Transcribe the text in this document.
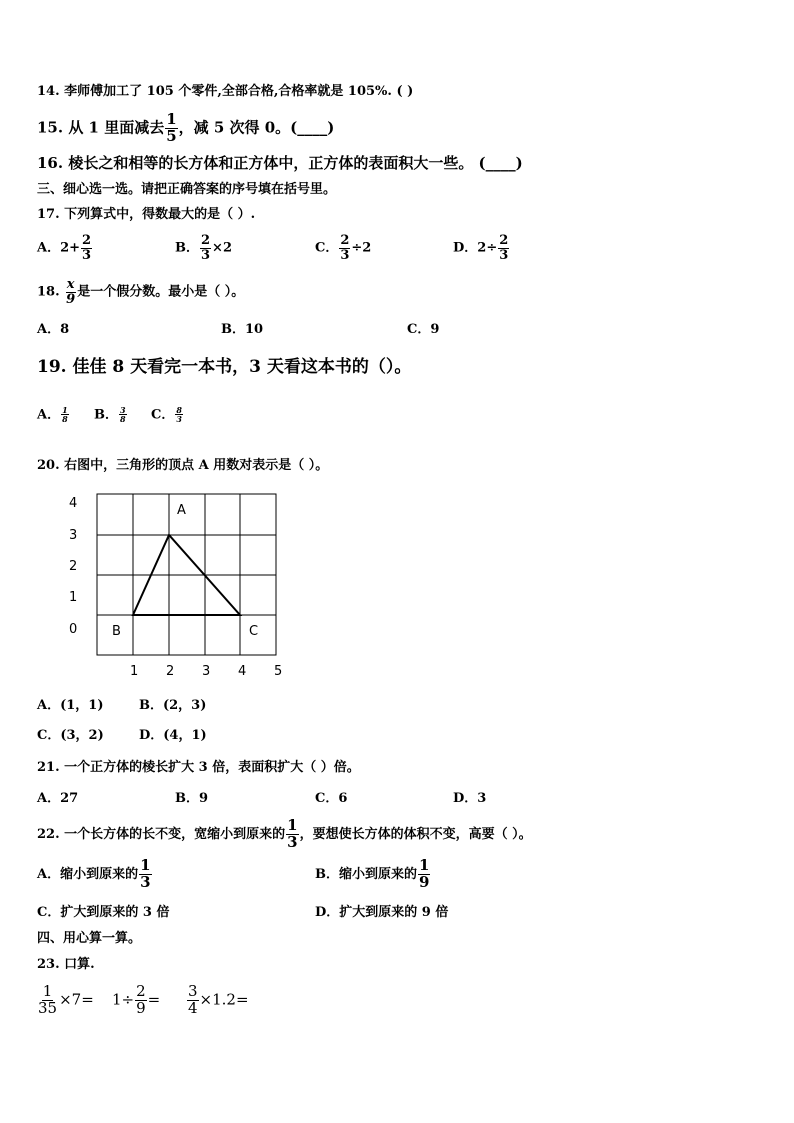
14. 李师傅加工了 105 个零件,全部合格,合格率就是 105%. ( )
15. 从 1 里面减去 $\frac{1}{5}$ ，减 5 次得 0。(____)
16. 棱长之和相等的长方体和正方体中，正方体的表面积大一些。 (____)
三、细心选一选。请把正确答案的序号填在括号里。
17. 下列算式中，得数最大的是（ ）.
A．$2+ \frac{2}{3}$	B． $\frac{2}{3} \times 2$	C． $\frac{2}{3} \div 2$	D．$2\div \frac{2}{3}$
18. $\frac{x}{9}$ 是一个假分数。最小是（ ）。
A．8	B．10	C．9
19. 佳佳 8 天看完一本书，3 天看这本书的（）。
A． $\frac{1}{8}$ B． $\frac{3}{8}$ C． $\frac{8}{3}$
20. 右图中，三角形的顶点 A 用数对表示是（ ）。
0
1
2
3
4
1 2 3 4 5
A
B	C
A．(1，1)	B．(2，3)
C．(3，2)	D．(4，1)
21. 一个正方体的棱长扩大 3 倍，表面积扩大（ ）倍。
A．27	B．9	C．6	D．3
22. 一个长方体的长不变，宽缩小到原来的 $\frac{1}{3}$ ，要想使长方体的体积不变，高要（ ）。
A．缩小到原来的 $\frac{1}{3}$	B．缩小到原来的 $\frac{1}{9}$
C．扩大到原来的 3 倍	D．扩大到原来的 9 倍
四、用心算一算。
23. 口算.
$\frac{1}{35} \times 7= 1\div \frac{2}{9} = \frac{3}{4} \times 1.2=$
